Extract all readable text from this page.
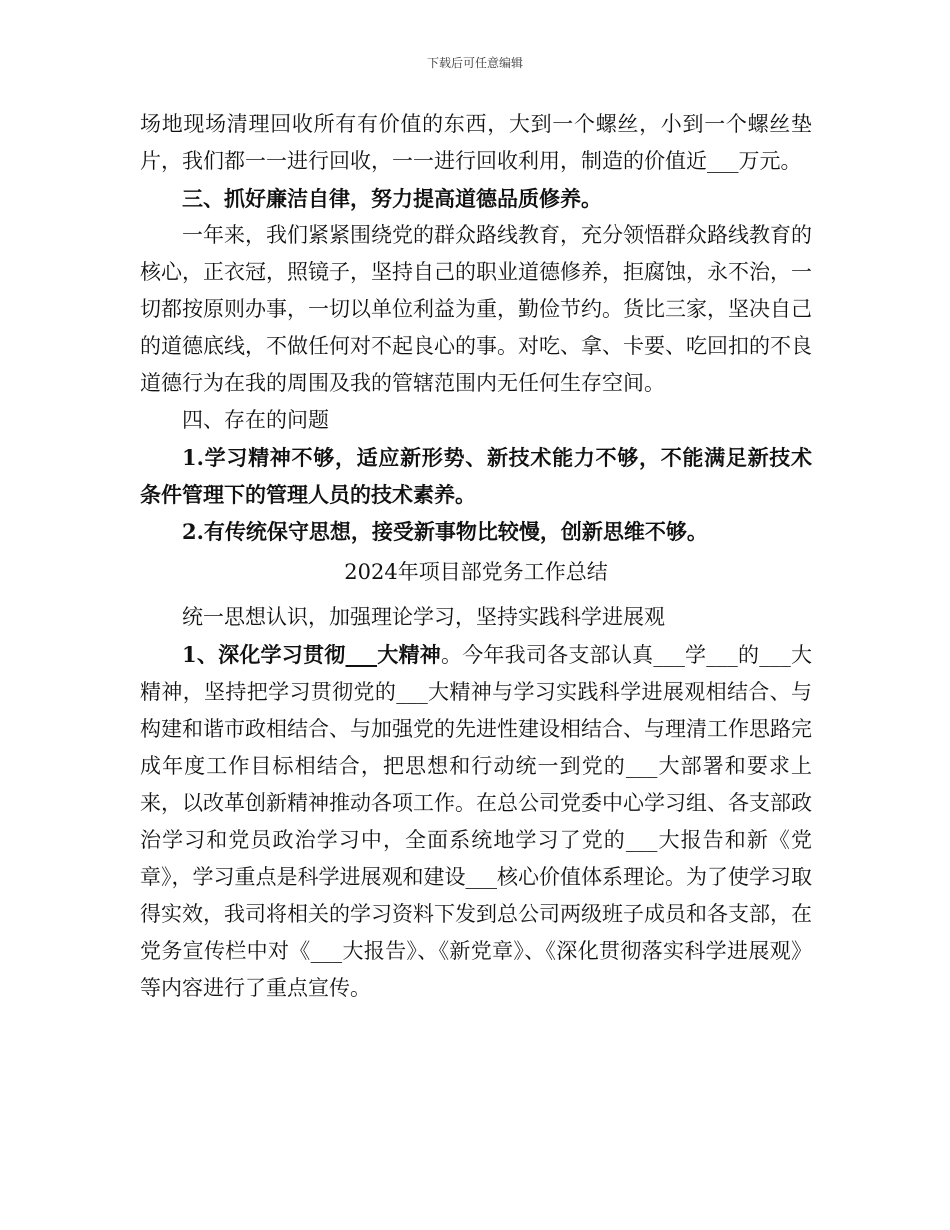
下载后可任意编辑

场地现场清理回收所有有价值的东西，大到一个螺丝，小到一个螺丝垫片，我们都一一进行回收，一一进行回收利用，制造的价值近___万元。

三、抓好廉洁自律，努力提高道德品质修养。

一年来，我们紧紧围绕党的群众路线教育，充分领悟群众路线教育的核心，正衣冠，照镜子，坚持自己的职业道德修养，拒腐蚀，永不治，一切都按原则办事，一切以单位利益为重，勤俭节约。货比三家，坚决自己的道德底线，不做任何对不起良心的事。对吃、拿、卡要、吃回扣的不良道德行为在我的周围及我的管辖范围内无任何生存空间。

四、存在的问题

1.学习精神不够，适应新形势、新技术能力不够，不能满足新技术条件管理下的管理人员的技术素养。

2.有传统保守思想，接受新事物比较慢，创新思维不够。

2024年项目部党务工作总结

统一思想认识，加强理论学习，坚持实践科学进展观

1、深化学习贯彻___大精神。今年我司各支部认真___学___的___大精神，坚持把学习贯彻党的___大精神与学习实践科学进展观相结合、与构建和谐市政相结合、与加强党的先进性建设相结合、与理清工作思路完成年度工作目标相结合，把思想和行动统一到党的___大部署和要求上来，以改革创新精神推动各项工作。在总公司党委中心学习组、各支部政治学习和党员政治学习中，全面系统地学习了党的___大报告和新《党章》，学习重点是科学进展观和建设___核心价值体系理论。为了使学习取得实效，我司将相关的学习资料下发到总公司两级班子成员和各支部，在党务宣传栏中对《___大报告》、《新党章》、《深化贯彻落实科学进展观》等内容进行了重点宣传。
